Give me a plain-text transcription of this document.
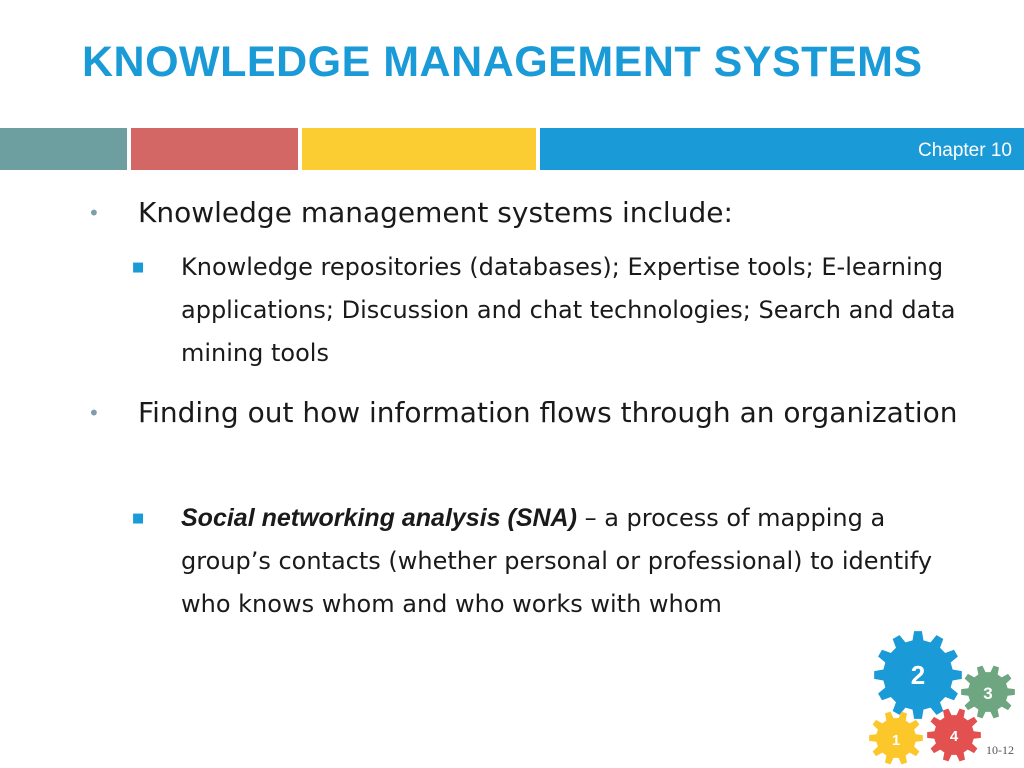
KNOWLEDGE MANAGEMENT SYSTEMS
Chapter 10
• Knowledge management systems include:
■ Knowledge repositories (databases); Expertise tools; E-learning applications; Discussion and chat technologies; Search and data mining tools
• Finding out how information flows through an organization
■ Social networking analysis (SNA) – a process of mapping a group’s contacts (whether personal or professional) to identify who knows whom and who works with whom
2
3
1	4
10-12
